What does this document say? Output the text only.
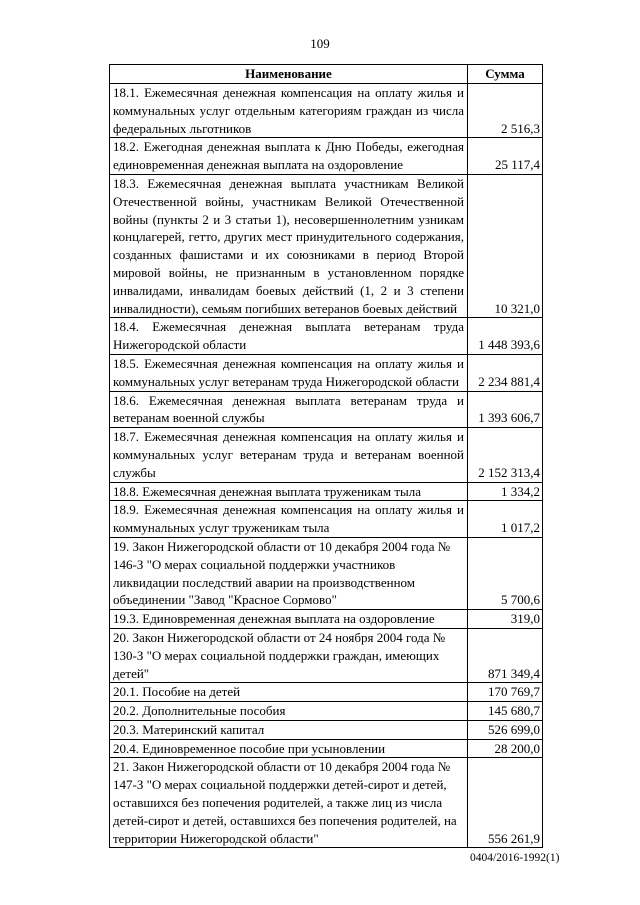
109
Наименование	Сумма
18.1. Ежемесячная денежная компенсация на оплату жилья и коммунальных услуг отдельным категориям граждан из числа федеральных льготников	2 516,3
18.2. Ежегодная денежная выплата к Дню Победы, ежегодная единовременная денежная выплата на оздоровление	25 117,4
18.3. Ежемесячная денежная выплата участникам Великой Отечественной войны, участникам Великой Отечественной войны (пункты 2 и 3 статьи 1), несовершеннолетним узникам концлагерей, гетто, других мест принудительного содержания, созданных фашистами и их союзниками в период Второй мировой войны, не признанным в установленном порядке инвалидами, инвалидам боевых действий (1, 2 и 3 степени инвалидности), семьям погибших ветеранов боевых действий	10 321,0
18.4. Ежемесячная денежная выплата ветеранам труда Нижегородской области	1 448 393,6
18.5. Ежемесячная денежная компенсация на оплату жилья и коммунальных услуг ветеранам труда Нижегородской области	2 234 881,4
18.6. Ежемесячная денежная выплата ветеранам труда и ветеранам военной службы	1 393 606,7
18.7. Ежемесячная денежная компенсация на оплату жилья и коммунальных услуг ветеранам труда и ветеранам военной службы	2 152 313,4
18.8. Ежемесячная денежная выплата труженикам тыла	1 334,2
18.9. Ежемесячная денежная компенсация на оплату жилья и коммунальных услуг труженикам тыла	1 017,2
19. Закон Нижегородской области от 10 декабря 2004 года № 146-З "О мерах социальной поддержки участников ликвидации последствий аварии на производственном объединении "Завод "Красное Сормово"	5 700,6
19.3. Единовременная денежная выплата на оздоровление	319,0
20. Закон Нижегородской области от 24 ноября 2004 года № 130-З "О мерах социальной поддержки граждан, имеющих детей"	871 349,4
20.1. Пособие на детей	170 769,7
20.2. Дополнительные пособия	145 680,7
20.3. Материнский капитал	526 699,0
20.4. Единовременное пособие при усыновлении	28 200,0
21. Закон Нижегородской области от 10 декабря 2004 года № 147-З "О мерах социальной поддержки детей-сирот и детей, оставшихся без попечения родителей, а также лиц из числа детей-сирот и детей, оставшихся без попечения родителей, на территории Нижегородской области"	556 261,9
0404/2016-1992(1)
